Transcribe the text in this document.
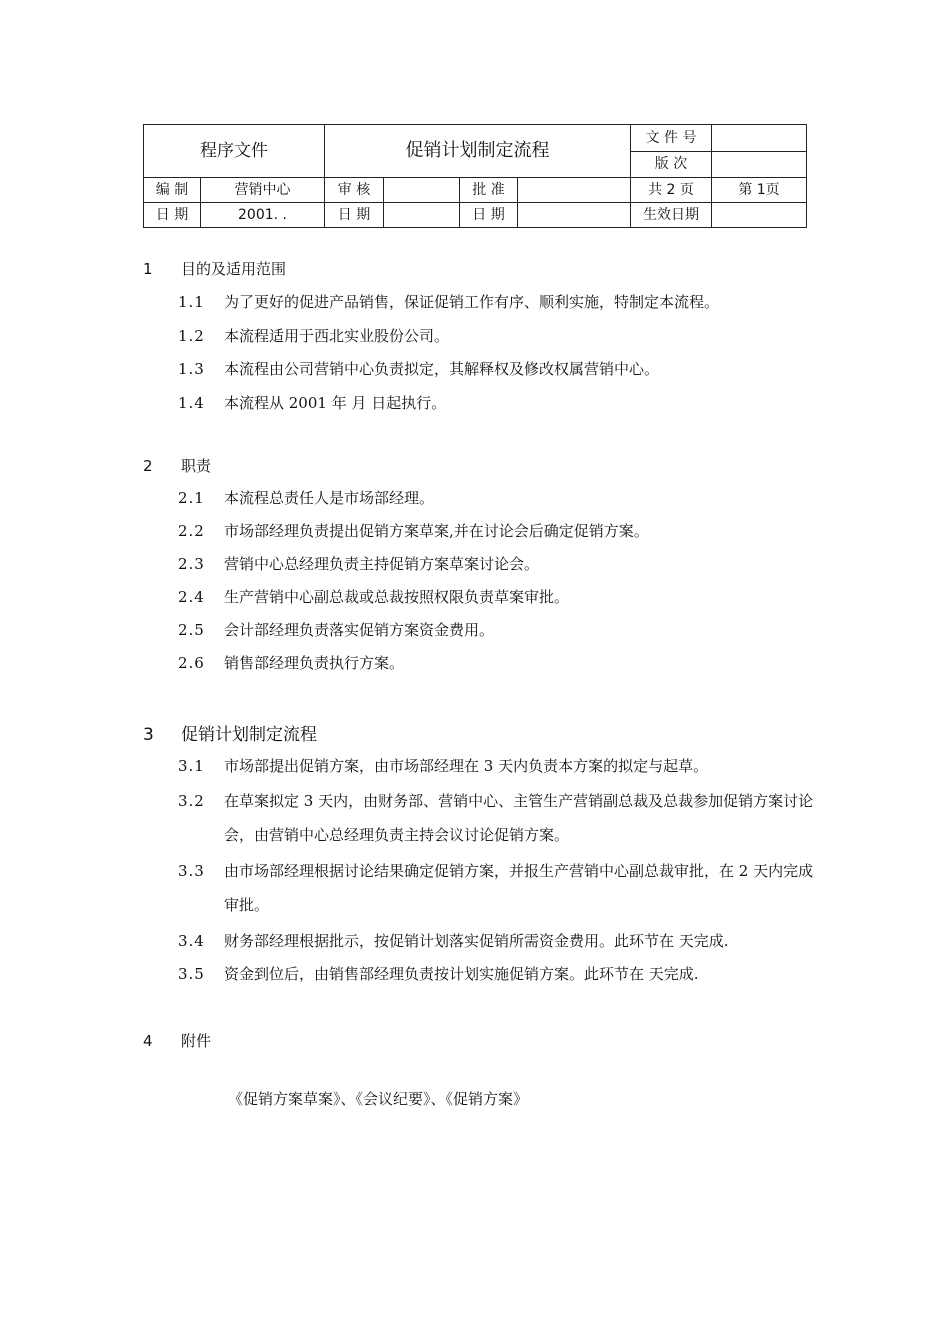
程序文件		促销计划制定流程				文 件 号	
						版 次	
编 制	营销中心	审 核		批 准		共 2 页	第 1页
日 期	2001. .	日 期		日 期		生效日期	
1 目的及适用范围
1.1	为了更好的促进产品销售，保证促销工作有序、顺利实施，特制定本流程。
1.2	本流程适用于西北实业股份公司。
1.3	本流程由公司营销中心负责拟定，其解释权及修改权属营销中心。
1.4	本流程从 2001 年 月 日起执行。
2 职责
2.1	本流程总责任人是市场部经理。
2.2	市场部经理负责提出促销方案草案,并在讨论会后确定促销方案。
2.3	营销中心总经理负责主持促销方案草案讨论会。
2.4	生产营销中心副总裁或总裁按照权限负责草案审批。
2.5	会计部经理负责落实促销方案资金费用。
2.6	销售部经理负责执行方案。
3 促销计划制定流程
3.1	市场部提出促销方案，由市场部经理在 3 天内负责本方案的拟定与起草。
3.2	在草案拟定 3 天内，由财务部、营销中心、主管生产营销副总裁及总裁参加促销方案讨论会，由营销中心总经理负责主持会议讨论促销方案。
3.3	由市场部经理根据讨论结果确定促销方案，并报生产营销中心副总裁审批，在 2 天内完成审批。
3.4	财务部经理根据批示，按促销计划落实促销所需资金费用。此环节在 天完成.
3.5	资金到位后，由销售部经理负责按计划实施促销方案。此环节在 天完成.
4 附件
《促销方案草案》、《会议纪要》、《促销方案》
